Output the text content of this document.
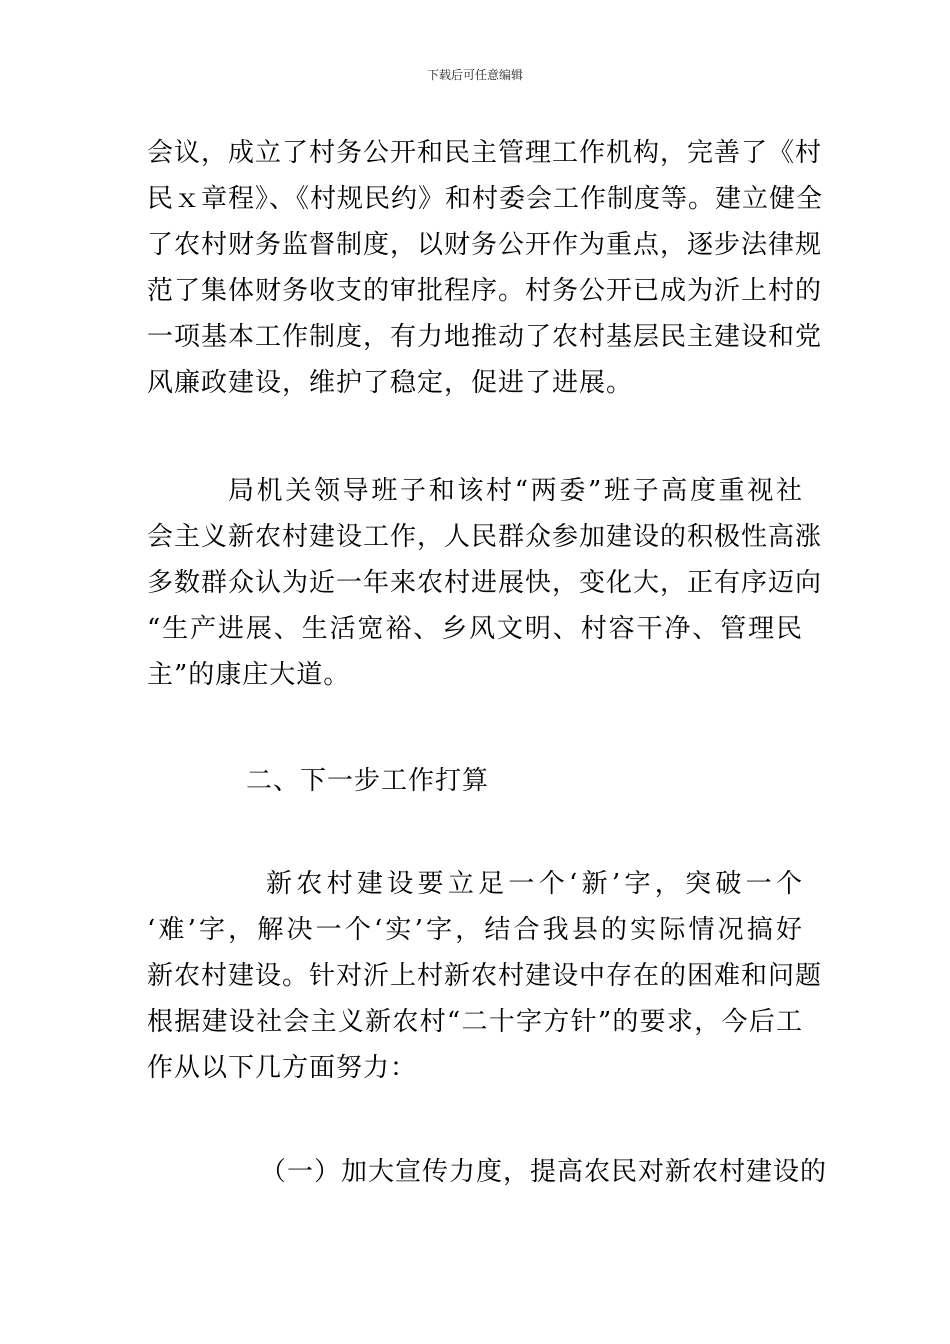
下载后可任意编辑
会议，成立了村务公开和民主管理工作机构，完善了《村
民ｘ章程》、《村规民约》和村委会工作制度等。建立健全
了农村财务监督制度，以财务公开作为重点，逐步法律规
范了集体财务收支的审批程序。村务公开已成为沂上村的
一项基本工作制度，有力地推动了农村基层民主建设和党
风廉政建设，维护了稳定，促进了进展。
局机关领导班子和该村“两委”班子高度重视社
会主义新农村建设工作，人民群众参加建设的积极性高涨
多数群众认为近一年来农村进展快，变化大，正有序迈向
“生产进展、生活宽裕、乡风文明、村容干净、管理民
主”的康庄大道。
二、下一步工作打算
新农村建设要立足一个‘新’字，突破一个
‘难’字，解决一个‘实’字，结合我县的实际情况搞好
新农村建设。针对沂上村新农村建设中存在的困难和问题
根据建设社会主义新农村“二十字方针”的要求，今后工
作从以下几方面努力：
（一）加大宣传力度，提高农民对新农村建设的
